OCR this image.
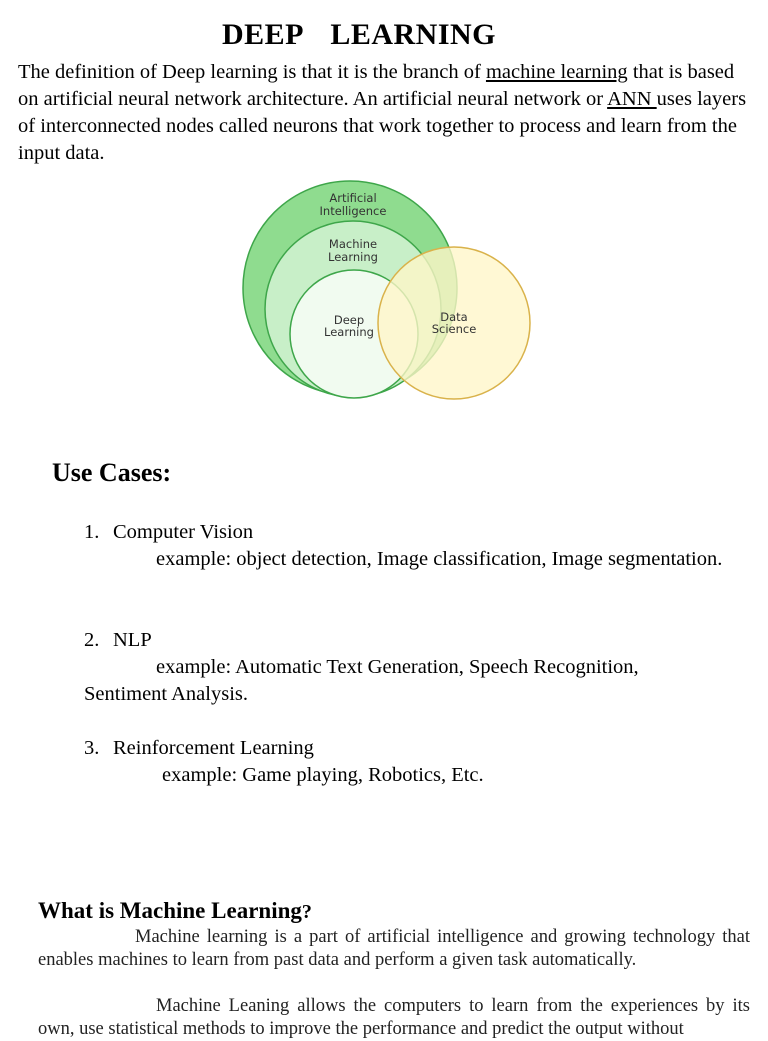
DEEP  LEARNING
The definition of Deep learning is that it is the branch of machine learning that is based on artificial neural network architecture. An artificial neural network or ANN uses layers of interconnected nodes called neurons that work together to process and learn from the input data.
Artificial
Intelligence
Machine
Learning
Deep
Learning
Data
Science
Use Cases:
1. Computer Vision
example: object detection, Image classification, Image segmentation.
2. NLP
example: Automatic Text Generation, Speech Recognition, Sentiment Analysis.
3. Reinforcement Learning
example: Game playing, Robotics, Etc.
What is Machine Learning?
Machine learning is a part of artificial intelligence and growing technology that enables machines to learn from past data and perform a given task automatically.
Machine Leaning allows the computers to learn from the experiences by its own, use statistical methods to improve the performance and predict the output without
